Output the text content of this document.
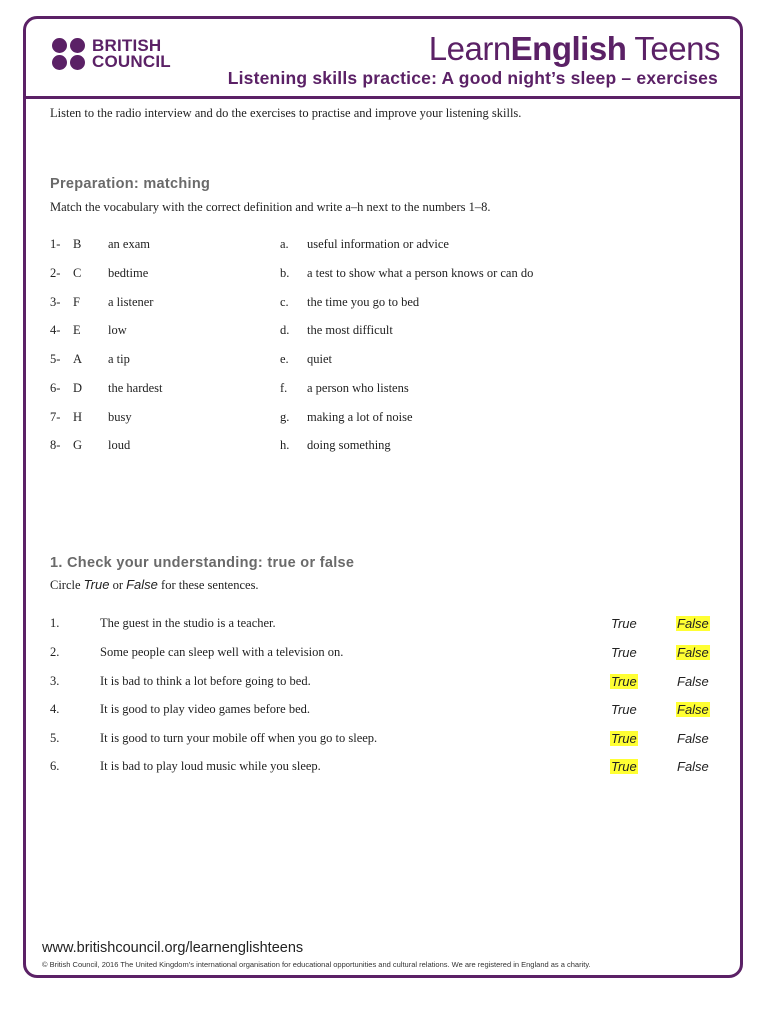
BRITISH
COUNCIL	LearnEnglish Teens
Listening skills practice: A good night’s sleep – exercises
Listen to the radio interview and do the exercises to practise and improve your listening skills.
Preparation: matching
Match the vocabulary with the correct definition and write a–h next to the numbers 1–8.
1- B an exam	a. useful information or advice
2- C bedtime	b. a test to show what a person knows or can do
3- F a listener	c. the time you go to bed
4- E low	d. the most difficult
5- A a tip	e. quiet
6- D the hardest	f. a person who listens
7- H busy	g. making a lot of noise
8- G loud	h. doing something
1. Check your understanding: true or false
Circle True or False for these sentences.
1.	The guest in the studio is a teacher.	True	False
2.	Some people can sleep well with a television on.	True	False
3.	It is bad to think a lot before going to bed.	True	False
4.	It is good to play video games before bed.	True	False
5.	It is good to turn your mobile off when you go to sleep.	True	False
6.	It is bad to play loud music while you sleep.	True	False
www.britishcouncil.org/learnenglishteens
© British Council, 2016 The United Kingdom’s international organisation for educational opportunities and cultural relations. We are registered in England as a charity.
